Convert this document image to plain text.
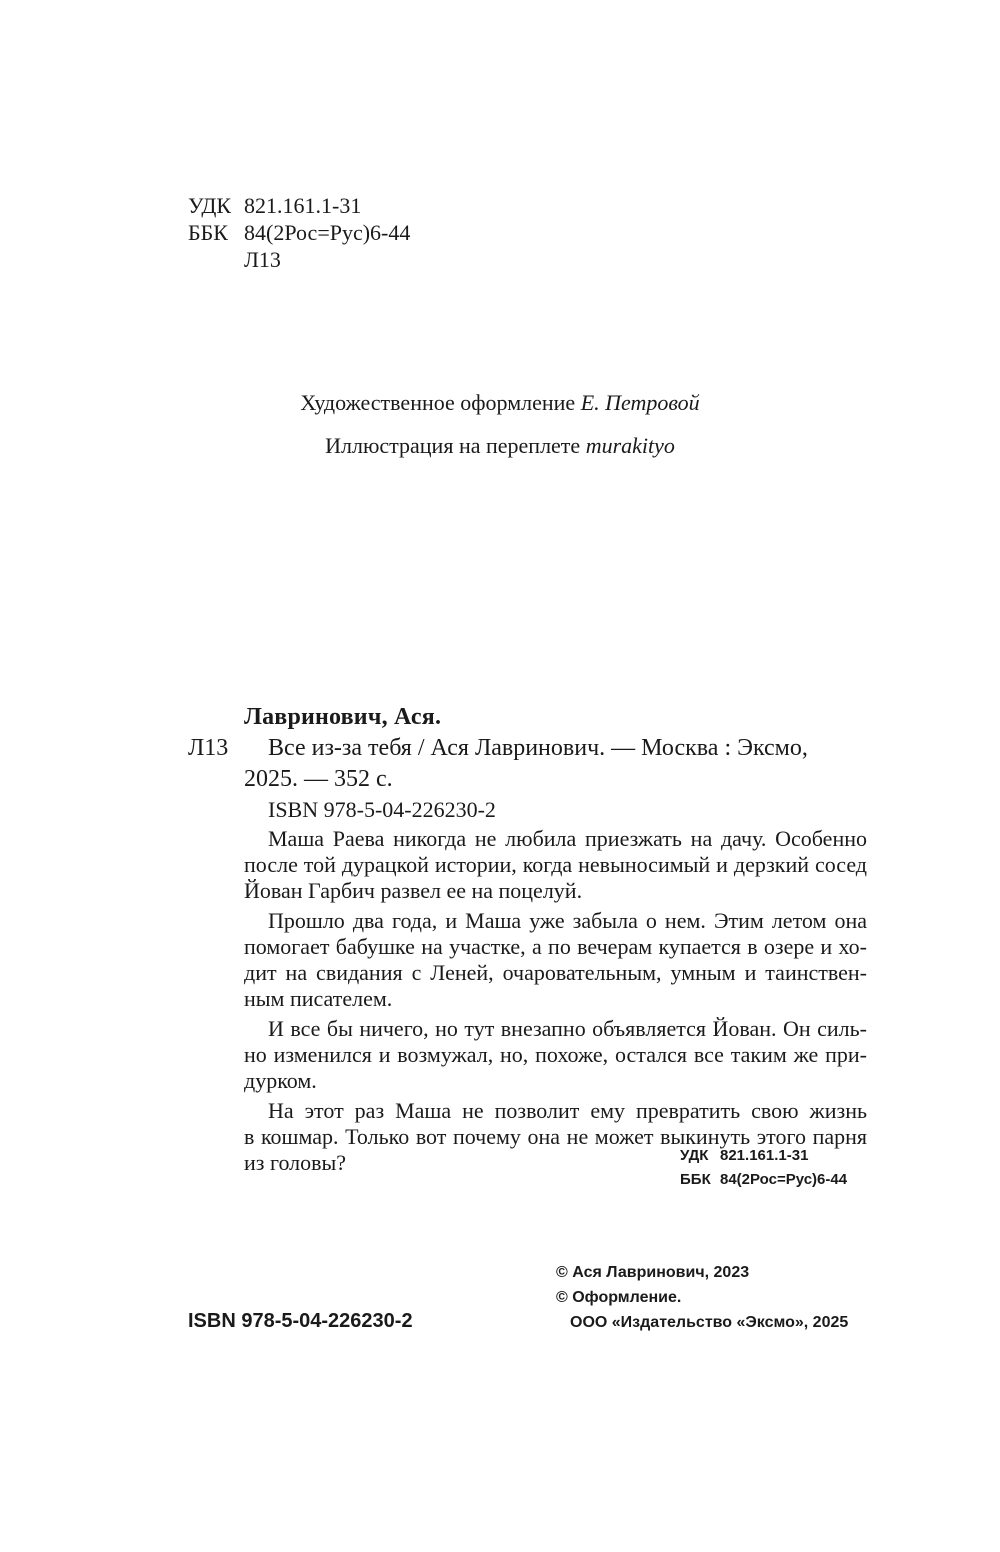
УДК 821.161.1-31
ББК 84(2Рос=Рус)6-44
Л13
Художественное оформление Е. Петровой
Иллюстрация на переплете murakityo
Лавринович, Ася.
Л13 Все из-за тебя / Ася Лавринович. — Москва : Эксмо,
2025. — 352 с.
ISBN 978-5-04-226230-2
Маша Раева никогда не любила приезжать на дачу. Особенно
после той дурацкой истории, когда невыносимый и дерзкий сосед
Йован Гарбич развел ее на поцелуй.
Прошло два года, и Маша уже забыла о нем. Этим летом она
помогает бабушке на участке, а по вечерам купается в озере и хо-
дит на свидания с Леней, очаровательным, умным и таинствен-
ным писателем.
И все бы ничего, но тут внезапно объявляется Йован. Он силь-
но изменился и возмужал, но, похоже, остался все таким же при-
дурком.
На этот раз Маша не позволит ему превратить свою жизнь
в кошмар. Только вот почему она не может выкинуть этого парня
из головы?	УДК 821.161.1-31
ББК 84(2Рос=Рус)6-44
© Ася Лавринович, 2023
© Оформление.
ООО «Издательство «Эксмо», 2025
ISBN 978-5-04-226230-2
